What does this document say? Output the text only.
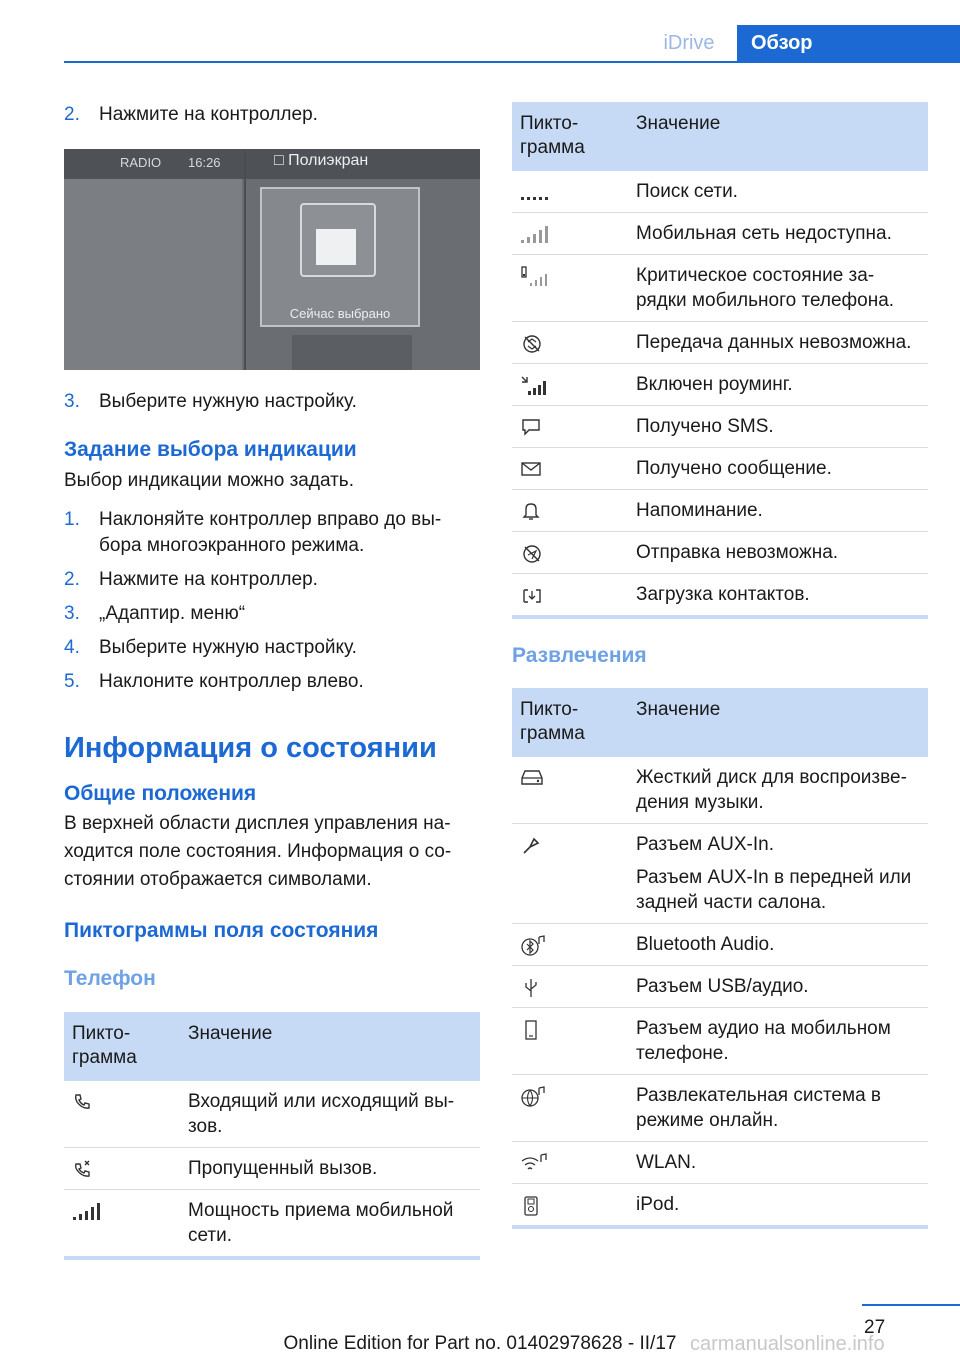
iDrive	Обзор
2. Нажмите на контроллер.
RADIO 16:26	□ Полиэкран
Сейчас выбрано
3. Выберите нужную настройку.
Задание выбора индикации

Выбор индикации можно задать.

1. Наклоняйте контроллер вправо до вы-бора многоэкранного режима.
2. Нажмите на контроллер.
3. „Адаптир. меню“
4. Выберите нужную настройку.
5. Наклоните контроллер влево.
Информация о состоянии
Общие положения

В верхней области дисплея управления на-ходится поле состояния. Информация о со-стоянии отображается символами.

Пиктограммы поля состояния
Телефон
Пикто-грамма	Значение

	Входящий или исходящий вы-зов.

	Пропущенный вызов.

	Мощность приема мобильной сети.
Пикто-грамма	Значение

	Поиск сети.

	Мобильная сеть недоступна.

	Критическое состояние за-рядки мобильного телефона.

	Передача данных невозможна.

	Включен роуминг.

	Получено SMS.

	Получено сообщение.

	Напоминание.

	Отправка невозможна.

	Загрузка контактов.
Развлечения
Пикто-грамма	Значение

	Жесткий диск для воспроизве-дения музыки.

	Разъем AUX-In.
Разъем AUX-In в передней или задней части салона.

	Bluetooth Audio.

	Разъем USB/аудио.

	Разъем аудио на мобильном телефоне.

	Развлекательная система в режиме онлайн.

	WLAN.

	iPod.
27
Online Edition for Part no. 01402978628 - II/17 carmanualsonline.info
